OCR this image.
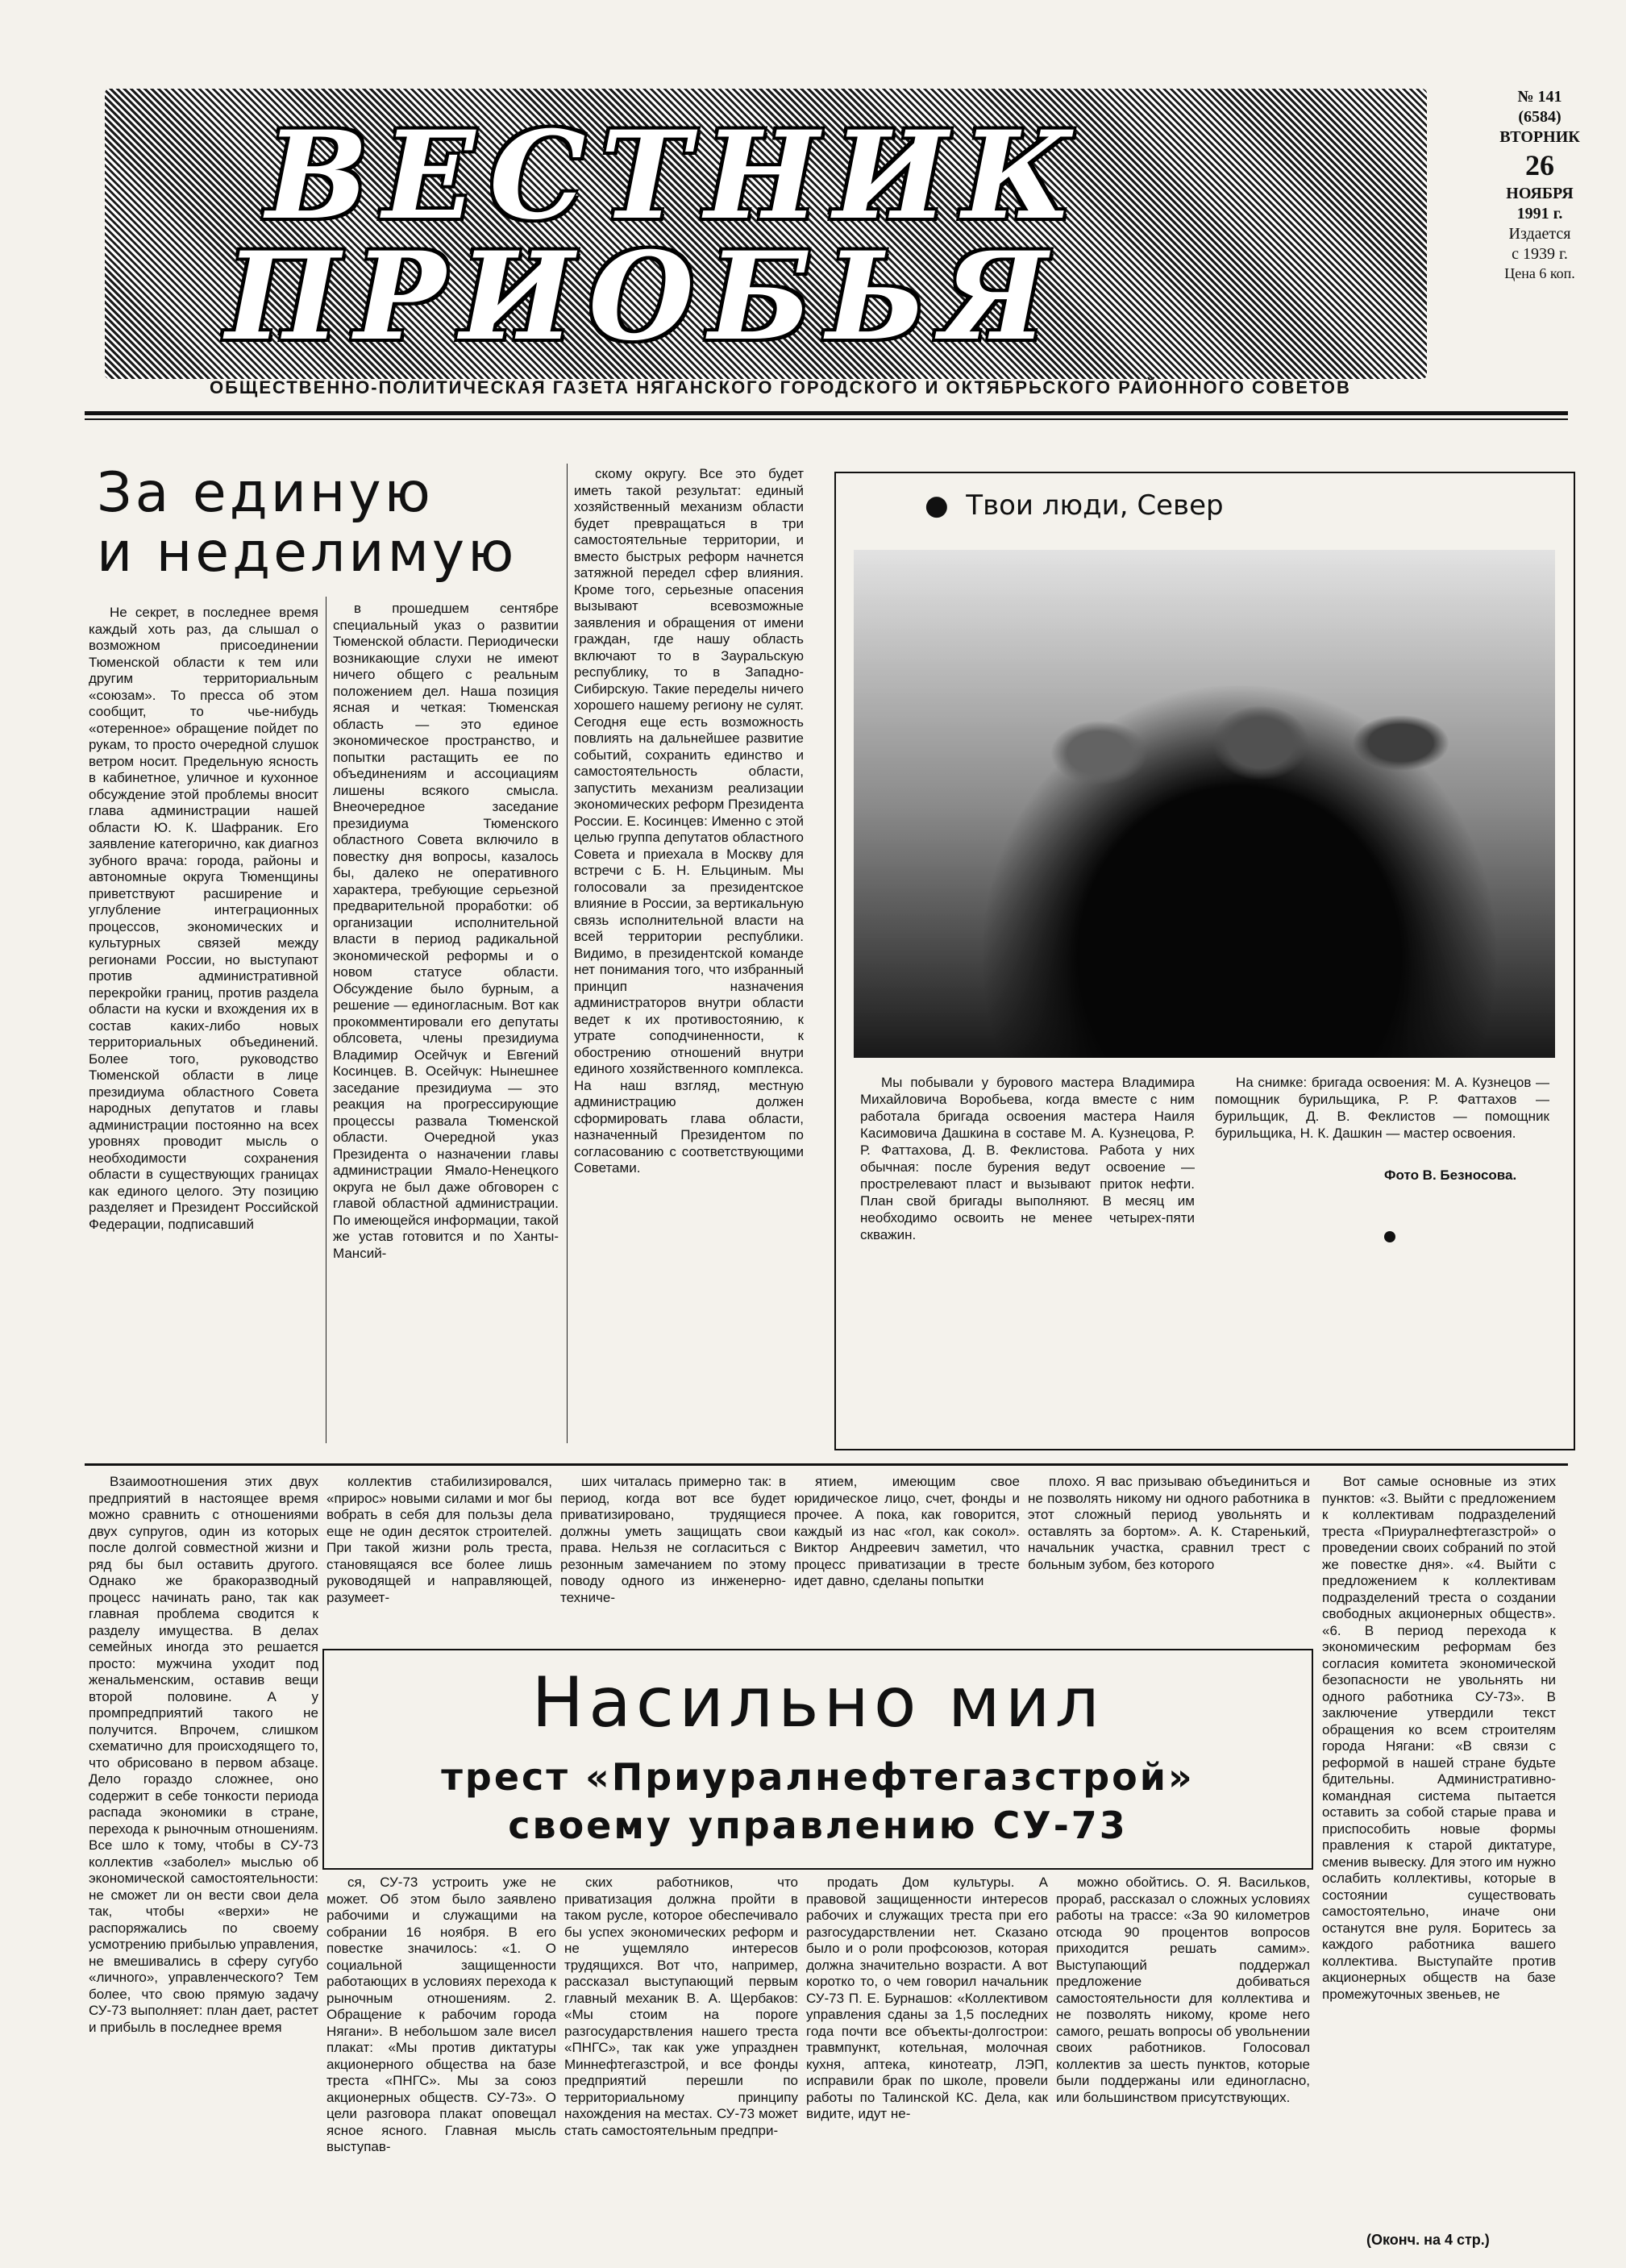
ВЕСТНИК
ПРИОБЬЯ
№ 141
(6584)
ВТОРНИК
26
НОЯБРЯ
1991 г.
Издается
с 1939 г.
Цена 6 коп.
ОБЩЕСТВЕННО-ПОЛИТИЧЕСКАЯ ГАЗЕТА НЯГАНСКОГО ГОРОДСКОГО И ОКТЯБРЬСКОГО РАЙОННОГО СОВЕТОВ
За единую
и неделимую

Не секрет, в последнее время каждый хоть раз, да слышал о возможном присоединении Тюменской области к тем или другим территориальным «союзам». То пресса об этом сообщит, то чье-нибудь «отеренное» обращение пойдет по рукам, то просто очередной слушок ветром носит. Предельную ясность в кабинетное, уличное и кухонное обсуждение этой проблемы вносит глава администрации нашей области Ю. К. Шафраник. Его заявление категорично, как диагноз зубного врача: города, районы и автономные округа Тюменщины приветствуют расширение и углубление интеграционных процессов, экономических и культурных связей между регионами России, но выступают против административной перекройки границ, против раздела области на куски и вхождения их в состав каких-либо новых территориальных объединений. Более того, руководство Тюменской области в лице президиума областного Совета народных депутатов и главы администрации постоянно на всех уровнях проводит мысль о необходимости сохранения области в существующих границах как единого целого. Эту позицию разделяет и Президент Российской Федерации, подписавший

в прошедшем сентябре специальный указ о развитии Тюменской области. Периодически возникающие слухи не имеют ничего общего с реальным положением дел. Наша позиция ясная и четкая: Тюменская область — это единое экономическое пространство, и попытки растащить ее по объединениям и ассоциациям лишены всякого смысла. Внеочередное заседание президиума Тюменского областного Совета включило в повестку дня вопросы, казалось бы, далеко не оперативного характера, требующие серьезной предварительной проработки: об организации исполнительной власти в период радикальной экономической реформы и о новом статусе области. Обсуждение было бурным, а решение — единогласным. Вот как прокомментировали его депутаты облсовета, члены президиума Владимир Осейчук и Евгений Косинцев. В. Осейчук: Нынешнее заседание президиума — это реакция на прогрессирующие процессы развала Тюменской области. Очередной указ Президента о назначении главы администрации Ямало-Ненецкого округа не был даже обговорен с главой областной администрации. По имеющейся информации, такой же устав готовится и по Ханты-Мансий-

скому округу. Все это будет иметь такой результат: единый хозяйственный механизм области будет превращаться в три самостоятельные территории, и вместо быстрых реформ начнется затяжной передел сфер влияния. Кроме того, серьезные опасения вызывают всевозможные заявления и обращения от имени граждан, где нашу область включают то в Зауральскую республику, то в Западно-Сибирскую. Такие переделы ничего хорошего нашему региону не сулят. Сегодня еще есть возможность повлиять на дальнейшее развитие событий, сохранить единство и самостоятельность области, запустить механизм реализации экономических реформ Президента России. Е. Косинцев: Именно с этой целью группа депутатов областного Совета и приехала в Москву для встречи с Б. Н. Ельциным. Мы голосовали за президентское влияние в России, за вертикальную связь исполнительной власти на всей территории республики. Видимо, в президентской команде нет понимания того, что избранный принцип назначения администраторов внутри области ведет к их противостоянию, к утрате соподчиненности, к обострению отношений внутри единого хозяйственного комплекса. На наш взгляд, местную администрацию должен сформировать глава области, назначенный Президентом по согласованию с соответствующими Советами.

●  Твои люди, Север

Мы побывали у бурового мастера Владимира Михайловича Воробьева, когда вместе с ним работала бригада освоения мастера Наиля Касимовича Дашкина в составе М. А. Кузнецова, Р. Р. Фаттахова, Д. В. Феклистова. Работа у них обычная: после бурения ведут освоение — прострелевают пласт и вызывают приток нефти. План свой бригады выполняют. В месяц им необходимо освоить не менее четырех-пяти скважин.

На снимке: бригада освоения: М. А. Кузнецов — помощник бурильщика, Р. Р. Фаттахов — бурильщик, Д. В. Феклистов — помощник бурильщика, Н. К. Дашкин — мастер освоения.

Фото В. Безносова.

Взаимоотношения этих двух предприятий в настоящее время можно сравнить с отношениями двух супругов, один из которых после долгой совместной жизни и ряд бы был оставить другого. Однако же бракоразводный процесс начинать рано, так как главная проблема сводится к разделу имущества. В делах семейных иногда это решается просто: мужчина уходит под женальменским, оставив вещи второй половине. А у промпредприятий такого не получится. Впрочем, слишком схематично для происходящего то, что обрисовано в первом абзаце. Дело гораздо сложнее, оно содержит в себе тонкости периода распада экономики в стране, перехода к рыночным отношениям. Все шло к тому, чтобы в СУ-73 коллектив «заболел» мыслью об экономической самостоятельности: не сможет ли он вести свои дела так, чтобы «верхи» не распоряжались по своему усмотрению прибылью управления, не вмешивались в сферу сугубо «личного», управленческого? Тем более, что свою прямую задачу СУ-73 выполняет: план дает, растет и прибыль в последнее время

коллектив стабилизировался, «прирос» новыми силами и мог бы вобрать в себя для пользы дела еще не один десяток строителей. При такой жизни роль треста, становящаяся все более лишь руководящей и направляющей, разумеет-

ших читалась примерно так: в период, когда вот все будет приватизировано, трудящиеся должны уметь защищать свои права. Нельзя не согласиться с резонным замечанием по этому поводу одного из инженерно-техниче-

ятием, имеющим свое юридическое лицо, счет, фонды и прочее. А пока, как говорится, каждый из нас «гол, как сокол». Виктор Андреевич заметил, что процесс приватизации в тресте идет давно, сделаны попытки

плохо. Я вас призываю объединиться и не позволять никому ни одного работника в этот сложный период увольнять и оставлять за бортом». А. К. Старенький, начальник участка, сравнил трест с больным зубом, без которого

Вот самые основные из этих пунктов: «3. Выйти с предложением к коллективам подразделений треста «Приуралнефтегазстрой» о проведении своих собраний по этой же повестке дня». «4. Выйти с предложением к коллективам подразделений треста о создании свободных акционерных обществ». «6. В период перехода к экономическим реформам без согласия комитета экономической безопасности не увольнять ни одного работника СУ-73». В заключение утвердили текст обращения ко всем строителям города Нягани: «В связи с реформой в нашей стране будьте бдительны. Административно-командная система пытается оставить за собой старые права и приспособить новые формы правления к старой диктатуре, сменив вывеску. Для этого им нужно ослабить коллективы, которые в состоянии существовать самостоятельно, иначе они останутся вне руля. Боритесь за каждого работника вашего коллектива. Выступайте против акционерных обществ на базе промежуточных звеньев, не

Насильно мил
трест «Приуралнефтегазстрой»
своему управлению СУ-73

ся, СУ-73 устроить уже не может. Об этом было заявлено рабочими и служащими на собрании 16 ноября. В его повестке значилось: «1. О социальной защищенности работающих в условиях перехода к рыночным отношениям. 2. Обращение к рабочим города Нягани». В небольшом зале висел плакат: «Мы против диктатуры акционерного общества на базе треста «ПНГС». Мы за союз акционерных обществ. СУ-73». О цели разговора плакат оповещал ясное ясного. Главная мысль выступав-

ских работников, что приватизация должна пройти в таком русле, которое обеспечивало бы успех экономических реформ и не ущемляло интересов трудящихся. Вот что, например, рассказал выступающий первым главный механик В. А. Щербаков: «Мы стоим на пороге разгосударствления нашего треста «ПНГС», так как уже упразднен Миннефтегазстрой, и все фонды предприятий перешли по территориальному принципу нахождения на местах. СУ-73 может стать самостоятельным предпри-

продать Дом культуры. А правовой защищенности интересов рабочих и служащих треста при его разгосударствлении нет. Сказано было и о роли профсоюзов, которая должна значительно возрасти. А вот коротко то, о чем говорил начальник СУ-73 П. Е. Бурнашов: «Коллективом управления сданы за 1,5 последних года почти все объекты-долгострои: травмпункт, котельная, молочная кухня, аптека, кинотеатр, ЛЭП, исправили брак по школе, провели работы по Талинской КС. Дела, как видите, идут не-

можно обойтись. О. Я. Васильков, прораб, рассказал о сложных условиях работы на трассе: «За 90 километров отсюда 90 процентов вопросов приходится решать самим». Выступающий поддержал предложение добиваться самостоятельности для коллектива и не позволять никому, кроме него самого, решать вопросы об увольнении своих работников. Голосовал коллектив за шесть пунктов, которые были поддержаны или единогласно, или большинством присутствующих.

(Оконч. на 4 стр.)
